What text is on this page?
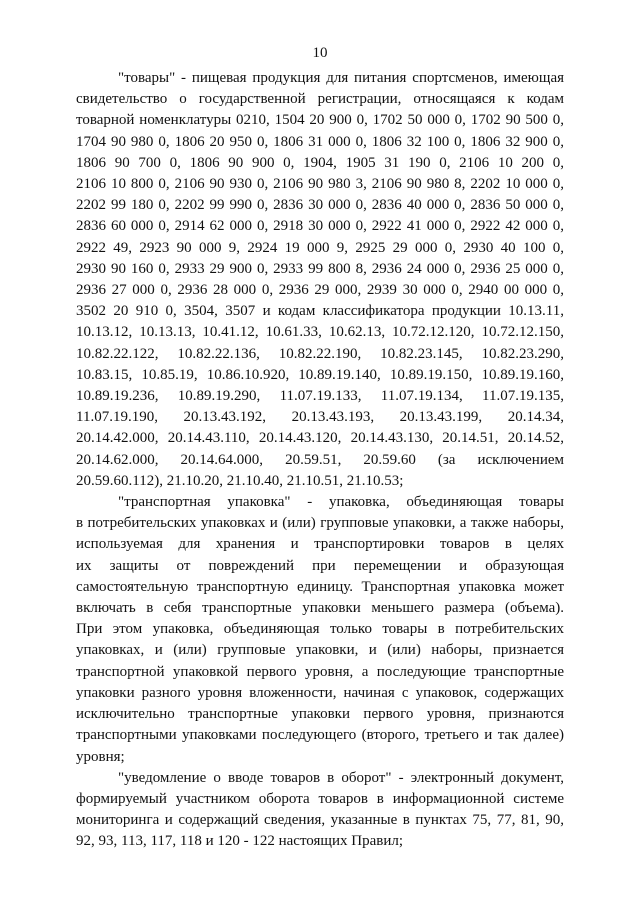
10
"товары" - пищевая продукция для питания спортсменов, имеющая
свидетельство о государственной регистрации, относящаяся к кодам
товарной номенклатуры 0210, 1504 20 900 0, 1702 50 000 0, 1702 90 500 0,
1704 90 980 0, 1806 20 950 0, 1806 31 000 0, 1806 32 100 0, 1806 32 900 0,
1806 90 700 0, 1806 90 900 0, 1904, 1905 31 190 0, 2106 10 200 0,
2106 10 800 0, 2106 90 930 0, 2106 90 980 3, 2106 90 980 8, 2202 10 000 0,
2202 99 180 0, 2202 99 990 0, 2836 30 000 0, 2836 40 000 0, 2836 50 000 0,
2836 60 000 0, 2914 62 000 0, 2918 30 000 0, 2922 41 000 0, 2922 42 000 0,
2922 49, 2923 90 000 9, 2924 19 000 9, 2925 29 000 0, 2930 40 100 0,
2930 90 160 0, 2933 29 900 0, 2933 99 800 8, 2936 24 000 0, 2936 25 000 0,
2936 27 000 0, 2936 28 000 0, 2936 29 000, 2939 30 000 0, 2940 00 000 0,
3502 20 910 0, 3504, 3507 и кодам классификатора продукции 10.13.11,
10.13.12, 10.13.13, 10.41.12, 10.61.33, 10.62.13, 10.72.12.120, 10.72.12.150,
10.82.22.122, 10.82.22.136, 10.82.22.190, 10.82.23.145, 10.82.23.290,
10.83.15, 10.85.19, 10.86.10.920, 10.89.19.140, 10.89.19.150, 10.89.19.160,
10.89.19.236, 10.89.19.290, 11.07.19.133, 11.07.19.134, 11.07.19.135,
11.07.19.190, 20.13.43.192, 20.13.43.193, 20.13.43.199, 20.14.34,
20.14.42.000, 20.14.43.110, 20.14.43.120, 20.14.43.130, 20.14.51, 20.14.52,
20.14.62.000, 20.14.64.000, 20.59.51, 20.59.60 (за исключением
20.59.60.112), 21.10.20, 21.10.40, 21.10.51, 21.10.53;
"транспортная упаковка" - упаковка, объединяющая товары
в потребительских упаковках и (или) групповые упаковки, а также наборы,
используемая для хранения и транспортировки товаров в целях
их защиты от повреждений при перемещении и образующая
самостоятельную транспортную единицу. Транспортная упаковка может
включать в себя транспортные упаковки меньшего размера (объема).
При этом упаковка, объединяющая только товары в потребительских
упаковках, и (или) групповые упаковки, и (или) наборы, признается
транспортной упаковкой первого уровня, а последующие транспортные
упаковки разного уровня вложенности, начиная с упаковок, содержащих
исключительно транспортные упаковки первого уровня, признаются
транспортными упаковками последующего (второго, третьего и так далее)
уровня;
"уведомление о вводе товаров в оборот" - электронный документ,
формируемый участником оборота товаров в информационной системе
мониторинга и содержащий сведения, указанные в пунктах 75, 77, 81, 90,
92, 93, 113, 117, 118 и 120 - 122 настоящих Правил;
